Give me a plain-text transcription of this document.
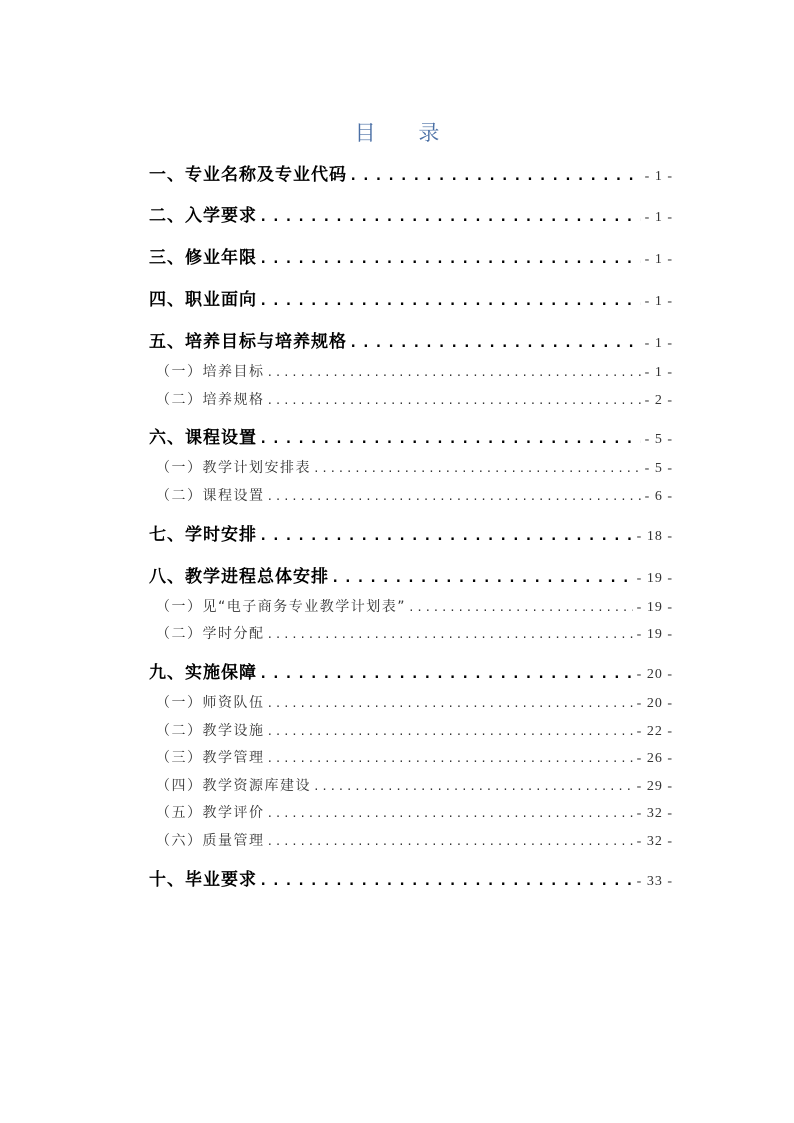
目 录
一、专业名称及专业代码 .....	- 1 -
二、入学要求 .....	- 1 -
三、修业年限 .....	- 1 -
四、职业面向 .....	- 1 -
五、培养目标与培养规格 .....	- 1 -
（一）培养目标 .....	- 1 -
（二）培养规格 .....	- 2 -
六、课程设置 .....	- 5 -
（一）教学计划安排表 .....	- 5 -
（二）课程设置 .....	- 6 -
七、学时安排 .....	- 18 -
八、教学进程总体安排 .....	- 19 -
（一）见“电子商务专业教学计划表” .....	- 19 -
（二）学时分配 .....	- 19 -
九、实施保障 .....	- 20 -
（一）师资队伍 .....	- 20 -
（二）教学设施 .....	- 22 -
（三）教学管理 .....	- 26 -
（四）教学资源库建设 .....	- 29 -
（五）教学评价 .....	- 32 -
（六）质量管理 .....	- 32 -
十、毕业要求 .....	- 33 -
